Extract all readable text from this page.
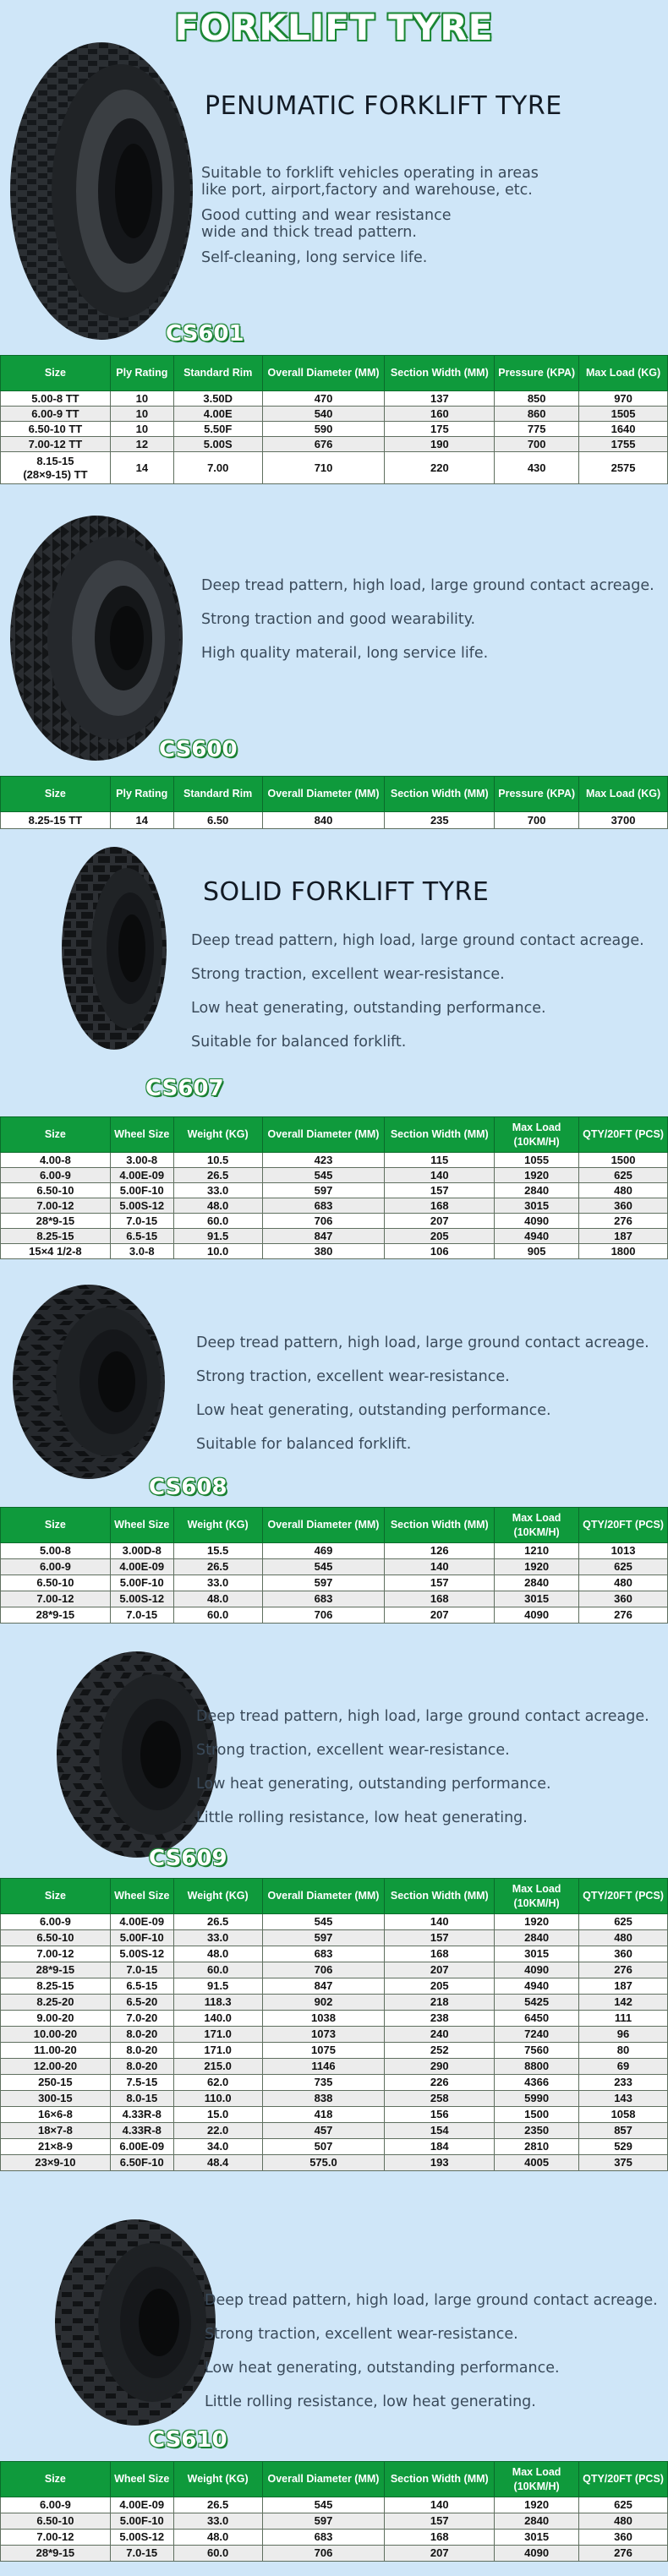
FORKLIFT TYRE
PENUMATIC FORKLIFT TYRE
Suitable to forklift vehicles operating in areas
like port, airport,factory and warehouse, etc.
Good cutting and wear resistance
wide and thick tread pattern.
Self-cleaning, long service life.
CS601
Size	Ply Rating	Standard Rim	Overall Diameter (MM)	Section Width (MM)	Pressure (KPA)	Max Load (KG)
5.00-8 TT	10	3.50D	470	137	850	970
6.00-9 TT	10	4.00E	540	160	860	1505
6.50-10 TT	10	5.50F	590	175	775	1640
7.00-12 TT	12	5.00S	676	190	700	1755
8.15-15 (28×9-15) TT	14	7.00	710	220	430	2575
Deep tread pattern, high load, large ground contact acreage.
Strong traction and good wearability.
High quality materail, long service life.
CS600
Size	Ply Rating	Standard Rim	Overall Diameter (MM)	Section Width (MM)	Pressure (KPA)	Max Load (KG)
8.25-15 TT	14	6.50	840	235	700	3700
SOLID FORKLIFT TYRE
Deep tread pattern, high load, large ground contact acreage.
Strong traction, excellent wear-resistance.
Low heat generating, outstanding performance.
Suitable for balanced forklift.
CS607
Size	Wheel Size	Weight (KG)	Overall Diameter (MM)	Section Width (MM)	Max Load (10KM/H)	QTY/20FT (PCS)
4.00-8	3.00-8	10.5	423	115	1055	1500
6.00-9	4.00E-09	26.5	545	140	1920	625
6.50-10	5.00F-10	33.0	597	157	2840	480
7.00-12	5.00S-12	48.0	683	168	3015	360
28*9-15	7.0-15	60.0	706	207	4090	276
8.25-15	6.5-15	91.5	847	205	4940	187
15×4 1/2-8	3.0-8	10.0	380	106	905	1800
Deep tread pattern, high load, large ground contact acreage.
Strong traction, excellent wear-resistance.
Low heat generating, outstanding performance.
Suitable for balanced forklift.
CS608
Size	Wheel Size	Weight (KG)	Overall Diameter (MM)	Section Width (MM)	Max Load (10KM/H)	QTY/20FT (PCS)
5.00-8	3.00D-8	15.5	469	126	1210	1013
6.00-9	4.00E-09	26.5	545	140	1920	625
6.50-10	5.00F-10	33.0	597	157	2840	480
7.00-12	5.00S-12	48.0	683	168	3015	360
28*9-15	7.0-15	60.0	706	207	4090	276
Deep tread pattern, high load, large ground contact acreage.
Strong traction, excellent wear-resistance.
Low heat generating, outstanding performance.
Little rolling resistance, low heat generating.
CS609
Size	Wheel Size	Weight (KG)	Overall Diameter (MM)	Section Width (MM)	Max Load (10KM/H)	QTY/20FT (PCS)
6.00-9	4.00E-09	26.5	545	140	1920	625
6.50-10	5.00F-10	33.0	597	157	2840	480
7.00-12	5.00S-12	48.0	683	168	3015	360
28*9-15	7.0-15	60.0	706	207	4090	276
8.25-15	6.5-15	91.5	847	205	4940	187
8.25-20	6.5-20	118.3	902	218	5425	142
9.00-20	7.0-20	140.0	1038	238	6450	111
10.00-20	8.0-20	171.0	1073	240	7240	96
11.00-20	8.0-20	171.0	1075	252	7560	80
12.00-20	8.0-20	215.0	1146	290	8800	69
250-15	7.5-15	62.0	735	226	4366	233
300-15	8.0-15	110.0	838	258	5990	143
16×6-8	4.33R-8	15.0	418	156	1500	1058
18×7-8	4.33R-8	22.0	457	154	2350	857
21×8-9	6.00E-09	34.0	507	184	2810	529
23×9-10	6.50F-10	48.4	575.0	193	4005	375
Deep tread pattern, high load, large ground contact acreage.
Strong traction, excellent wear-resistance.
Low heat generating, outstanding performance.
Little rolling resistance, low heat generating.
CS610
Size	Wheel Size	Weight (KG)	Overall Diameter (MM)	Section Width (MM)	Max Load (10KM/H)	QTY/20FT (PCS)
6.00-9	4.00E-09	26.5	545	140	1920	625
6.50-10	5.00F-10	33.0	597	157	2840	480
7.00-12	5.00S-12	48.0	683	168	3015	360
28*9-15	7.0-15	60.0	706	207	4090	276
